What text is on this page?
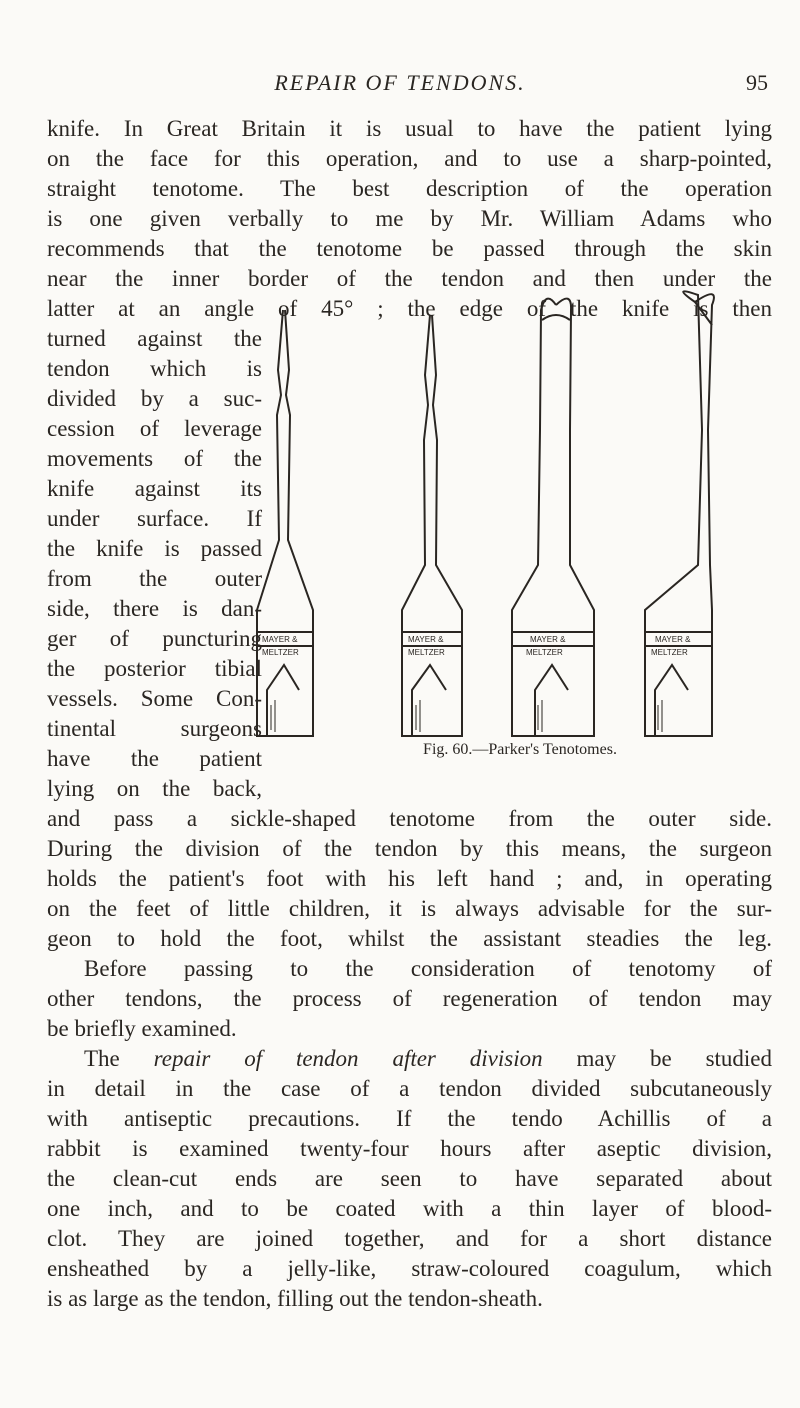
REPAIR OF TENDONS.	95
knife. In Great Britain it is usual to have the patient lying
on the face for this operation, and to use a sharp-pointed,
straight tenotome. The best description of the operation
is one given verbally to me by Mr. William Adams who
recommends that the tenotome be passed through the skin
near the inner border of the tendon and then under the
latter at an angle of 45° ; the edge of the knife is then
turned against the
tendon which is
divided by a suc-
cession of leverage
movements of the
knife against its
under surface. If
the knife is passed
from the outer
side, there is dan-
ger of puncturing
the posterior tibial
vessels. Some Con-
tinental surgeons
have the patient
lying on the back,
MAYER &
MELTZER
MAYER &
MELTZER
MAYER &
MELTZER
MAYER &
MELTZER
Fig. 60.—Parker's Tenotomes.
and pass a sickle-shaped tenotome from the outer side.
During the division of the tendon by this means, the surgeon
holds the patient's foot with his left hand ; and, in operating
on the feet of little children, it is always advisable for the sur-
geon to hold the foot, whilst the assistant steadies the leg.
Before passing to the consideration of tenotomy of
other tendons, the process of regeneration of tendon may
be briefly examined.
The repair of tendon after division may be studied
in detail in the case of a tendon divided subcutaneously
with antiseptic precautions. If the tendo Achillis of a
rabbit is examined twenty-four hours after aseptic division,
the clean-cut ends are seen to have separated about
one inch, and to be coated with a thin layer of blood-
clot. They are joined together, and for a short distance
ensheathed by a jelly-like, straw-coloured coagulum, which
is as large as the tendon, filling out the tendon-sheath.
